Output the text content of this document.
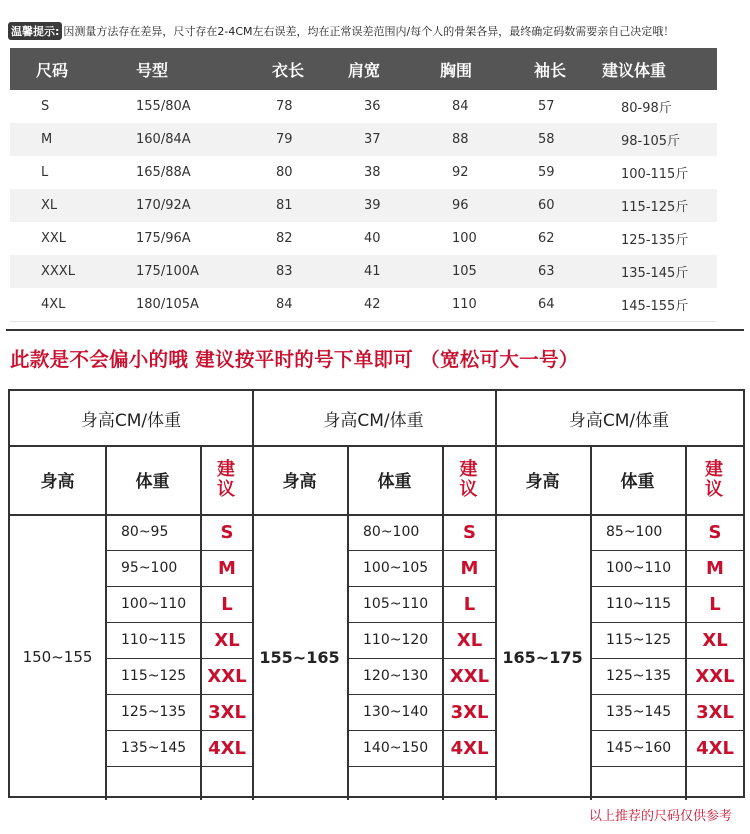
温馨提示: 因测量方法存在差异，尺寸存在2-4CM左右误差，均在正常误差范围内/每个人的骨架各异，最终确定码数需要亲自己决定哦！
尺码	号型	衣长	肩宽	胸围	袖长 建议体重
S	155/80A	78	36	84	57	80-98斤
M	160/84A	79	37	88	58	98-105斤
L	165/88A	80	38	92	59	100-115斤
XL	170/92A	81	39	96	60	115-125斤
XXL	175/96A	82	40	100	62	125-135斤
XXXL	175/100A	83	41	105	63	135-145斤
4XL	180/105A	84	42	110	64	145-155斤
此款是不会偏小的哦 建议按平时的号下单即可 （宽松可大一号）
身高CM/体重
身高	体重
建
议
150~155
80~95	S
95~100	M
100~110	L
110~115	XL
115~125	XXL
125~135	3XL
135~145	4XL
身高CM/体重
身高	体重
建
议
155~165
80~100	S
100~105	M
105~110	L
110~120	XL
120~130	XXL
130~140	3XL
140~150	4XL
身高CM/体重
身高	体重
建
议
165~175
85~100	S
100~110	M
110~115	L
115~125	XL
125~135	XXL
135~145	3XL
145~160	4XL
以上推荐的尺码仅供参考
